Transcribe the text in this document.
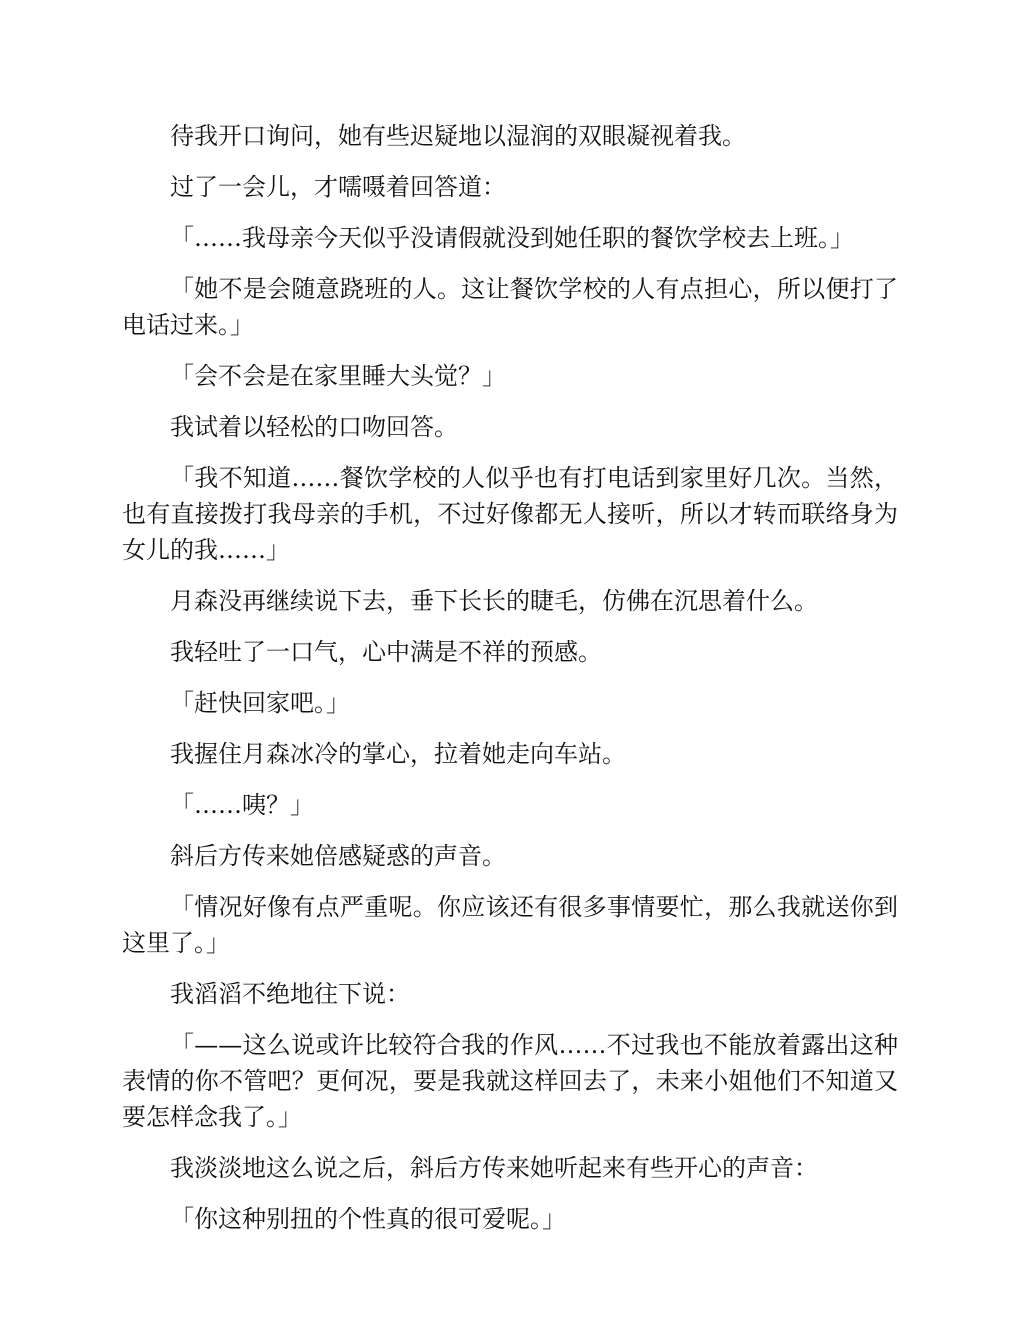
待我开口询问，她有些迟疑地以湿润的双眼凝视着我。

过了一会儿，才嚅嗫着回答道：

「……我母亲今天似乎没请假就没到她任职的餐饮学校去上班。」

「她不是会随意跷班的人。这让餐饮学校的人有点担心，所以便打了电话过来。」

「会不会是在家里睡大头觉？」

我试着以轻松的口吻回答。

「我不知道……餐饮学校的人似乎也有打电话到家里好几次。当然，也有直接拨打我母亲的手机，不过好像都无人接听，所以才转而联络身为女儿的我……」

月森没再继续说下去，垂下长长的睫毛，仿佛在沉思着什么。

我轻吐了一口气，心中满是不祥的预感。

「赶快回家吧。」

我握住月森冰冷的掌心，拉着她走向车站。

「……咦？」

斜后方传来她倍感疑惑的声音。

「情况好像有点严重呢。你应该还有很多事情要忙，那么我就送你到这里了。」

我滔滔不绝地往下说：

「——这么说或许比较符合我的作风……不过我也不能放着露出这种表情的你不管吧？更何况，要是我就这样回去了，未来小姐他们不知道又要怎样念我了。」

我淡淡地这么说之后，斜后方传来她听起来有些开心的声音：

「你这种别扭的个性真的很可爱呢。」
